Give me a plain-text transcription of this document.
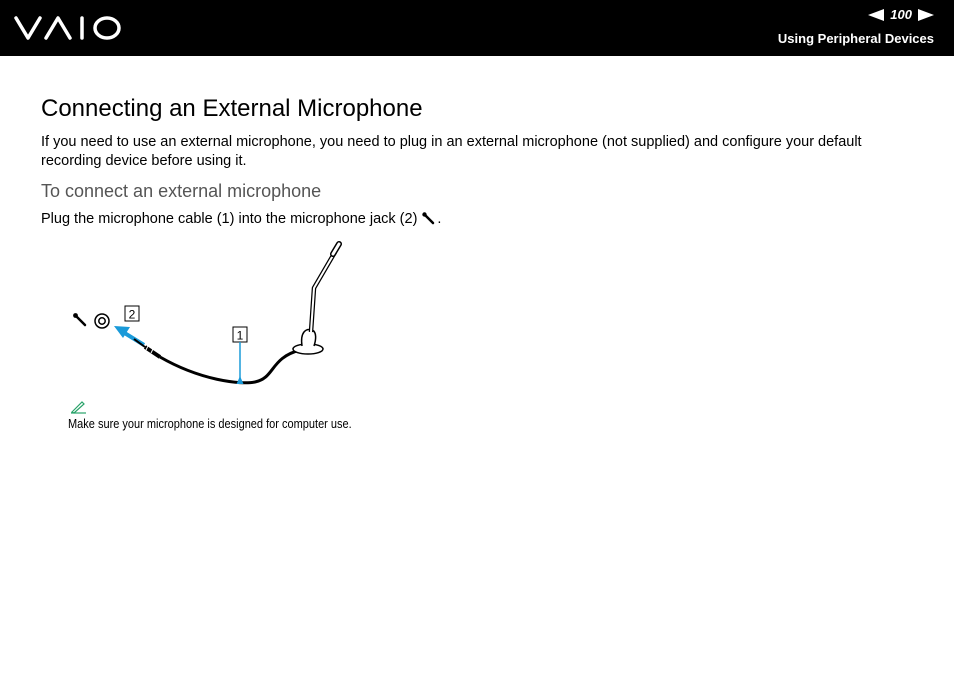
100
Using Peripheral Devices
Connecting an External Microphone

If you need to use an external microphone, you need to plug in an external microphone (not supplied) and configure your default recording device before using it.

To connect an external microphone

Plug the microphone cable (1) into the microphone jack (2) .

2
1
Make sure your microphone is designed for computer use.
